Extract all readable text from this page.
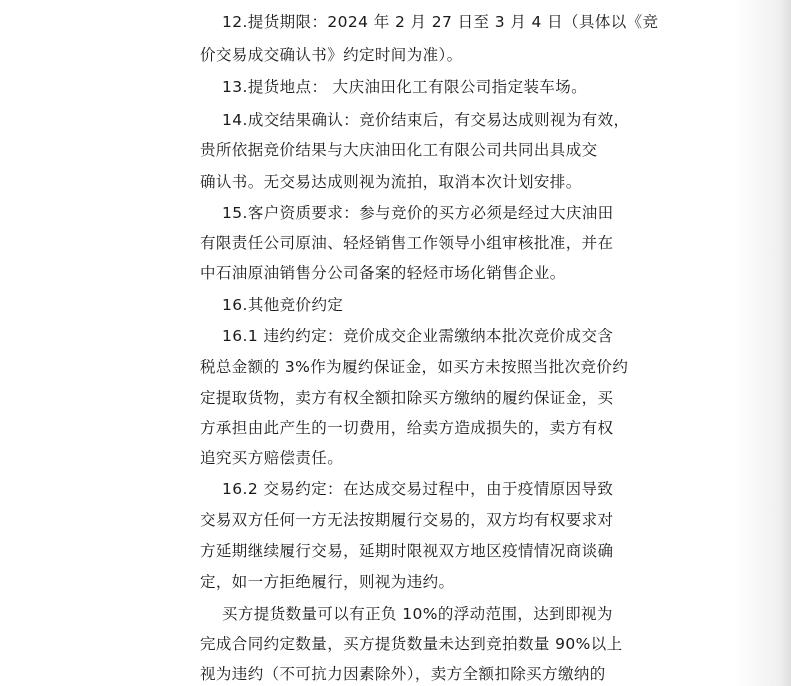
12.提货期限：2024 年 2 月 27 日至 3 月 4 日（具体以《竞
价交易成交确认书》约定时间为准）。
13.提货地点： 大庆油田化工有限公司指定装车场。
14.成交结果确认：竞价结束后，有交易达成则视为有效，
贵所依据竞价结果与大庆油田化工有限公司共同出具成交
确认书。无交易达成则视为流拍，取消本次计划安排。
15.客户资质要求：参与竞价的买方必须是经过大庆油田
有限责任公司原油、轻烃销售工作领导小组审核批准，并在
中石油原油销售分公司备案的轻烃市场化销售企业。
16.其他竞价约定
16.1 违约约定：竞价成交企业需缴纳本批次竞价成交含
税总金额的 3%作为履约保证金，如买方未按照当批次竞价约
定提取货物，卖方有权全额扣除买方缴纳的履约保证金，买
方承担由此产生的一切费用，给卖方造成损失的，卖方有权
追究买方赔偿责任。
16.2 交易约定：在达成交易过程中，由于疫情原因导致
交易双方任何一方无法按期履行交易的，双方均有权要求对
方延期继续履行交易，延期时限视双方地区疫情情况商谈确
定，如一方拒绝履行，则视为违约。
买方提货数量可以有正负 10%的浮动范围，达到即视为
完成合同约定数量，买方提货数量未达到竞拍数量 90%以上
视为违约（不可抗力因素除外），卖方全额扣除买方缴纳的
